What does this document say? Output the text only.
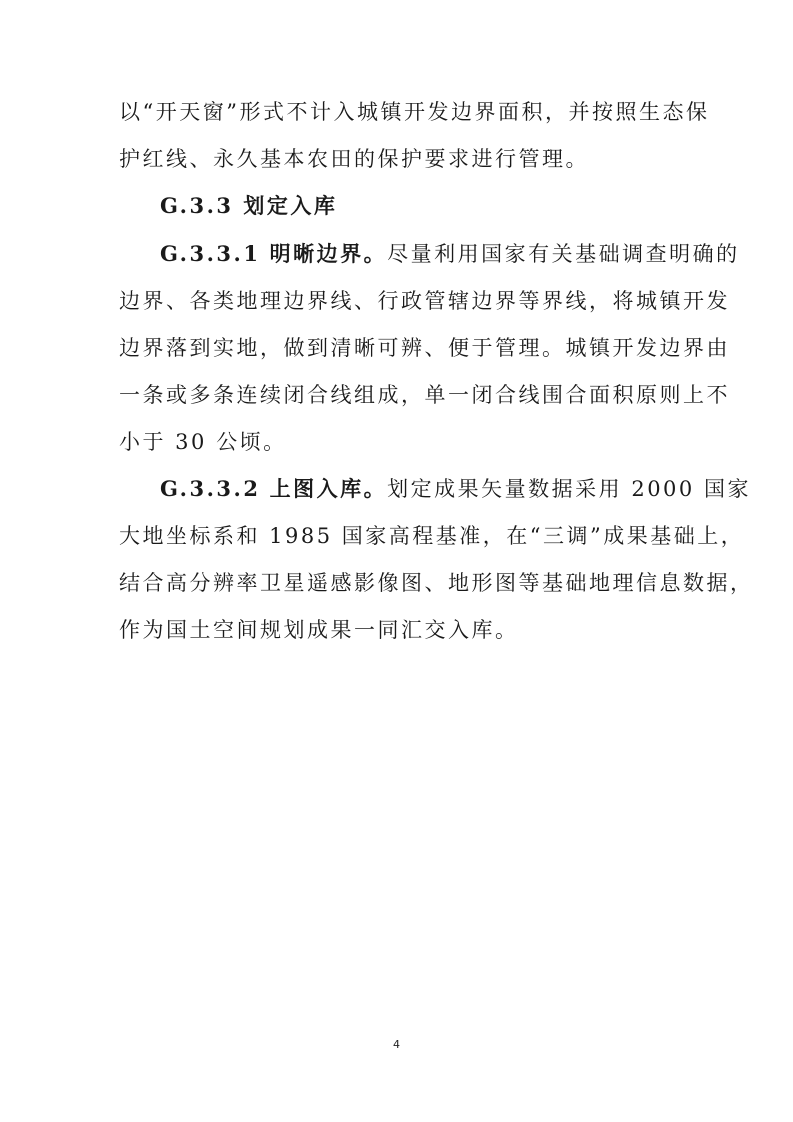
以“开天窗”形式不计入城镇开发边界面积，并按照生态保
护红线、永久基本农田的保护要求进行管理。
G.3.3 划定入库
G.3.3.1 明晰边界。尽量利用国家有关基础调查明确的
边界、各类地理边界线、行政管辖边界等界线，将城镇开发
边界落到实地，做到清晰可辨、便于管理。城镇开发边界由
一条或多条连续闭合线组成，单一闭合线围合面积原则上不
小于 30 公顷。
G.3.3.2 上图入库。划定成果矢量数据采用 2000 国家
大地坐标系和 1985 国家高程基准，在“三调”成果基础上，
结合高分辨率卫星遥感影像图、地形图等基础地理信息数据，
作为国土空间规划成果一同汇交入库。
4
